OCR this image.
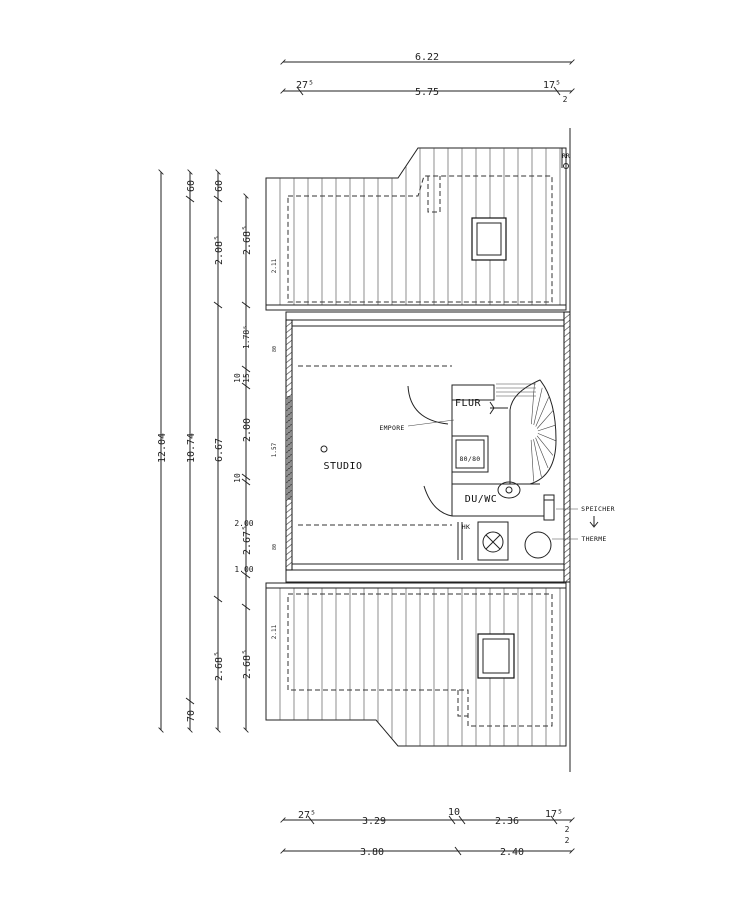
6.22
27⁵
5.75
17⁵
2
27⁵
3.29
10
2.36
17⁵
2
3.80	2.40
2
12.04 10.74
60
70
60
2.08⁵
6.67
2.68⁵
2.68⁵
1.78⁵
10 15
2.00
10
2.00
2.67⁵
1.00
2.68⁵
2.11
2.11
1.57
80
80
STUDIO
FLUR
EMPORE
DU/WC
80/80
HK
SPEICHER
THERME
RR
